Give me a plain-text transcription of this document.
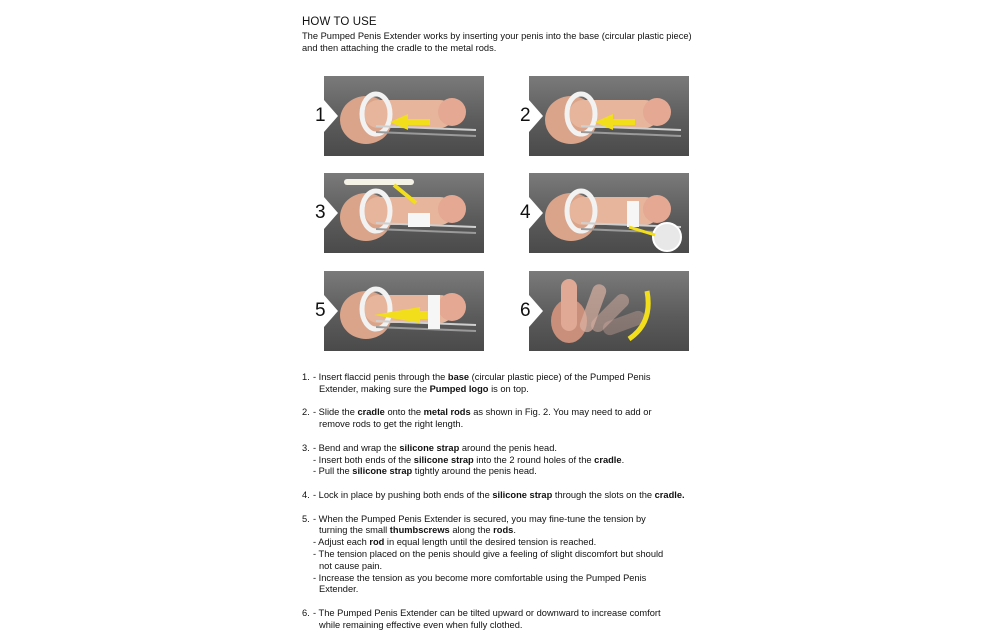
HOW TO USE
The Pumped Penis Extender works by inserting your penis into the base (circular plastic piece) and then attaching the cradle to the metal rods.
1	2
3	4
5	6
1. - Insert flaccid penis through the base (circular plastic piece) of the Pumped Penis
Extender, making sure the Pumped logo is on top.
2. - Slide the cradle onto the metal rods as shown in Fig. 2. You may need to add or
remove rods to get the right length.
3. - Bend and wrap the silicone strap around the penis head.
- Insert both ends of the silicone strap into the 2 round holes of the cradle.
- Pull the silicone strap tightly around the penis head.
4. - Lock in place by pushing both ends of the silicone strap through the slots on the cradle.
5. - When the Pumped Penis Extender is secured, you may fine-tune the tension by
turning the small thumbscrews along the rods.
- Adjust each rod in equal length until the desired tension is reached.
- The tension placed on the penis should give a feeling of slight discomfort but should
not cause pain.
- Increase the tension as you become more comfortable using the Pumped Penis
Extender.
6. - The Pumped Penis Extender can be tilted upward or downward to increase comfort
while remaining effective even when fully clothed.
